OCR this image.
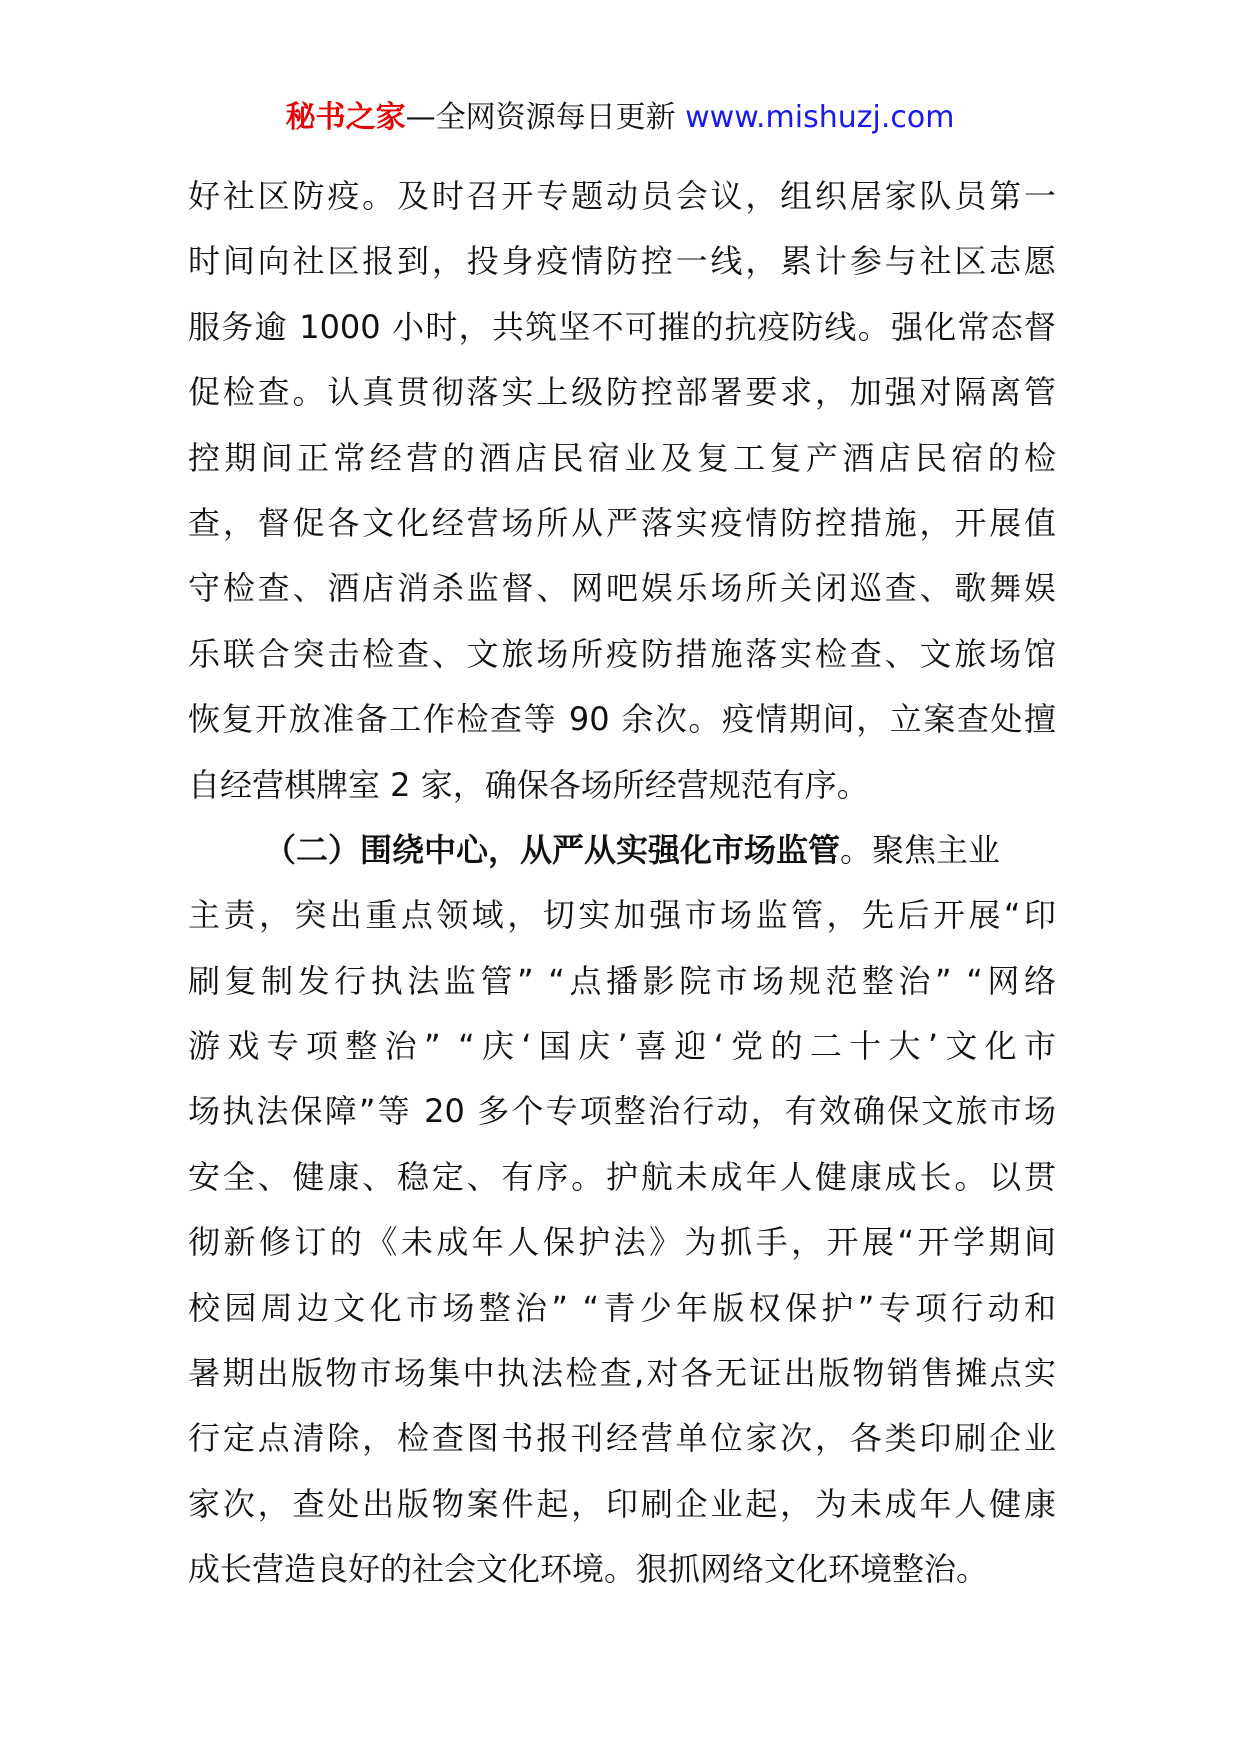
秘书之家—全网资源每日更新 www.mishuzj.com
好社区防疫。及时召开专题动员会议，组织居家队员第一
时间向社区报到，投身疫情防控一线，累计参与社区志愿
服务逾 1000 小时，共筑坚不可摧的抗疫防线。强化常态督
促检查。认真贯彻落实上级防控部署要求，加强对隔离管
控期间正常经营的酒店民宿业及复工复产酒店民宿的检
查，督促各文化经营场所从严落实疫情防控措施，开展值
守检查、酒店消杀监督、网吧娱乐场所关闭巡查、歌舞娱
乐联合突击检查、文旅场所疫防措施落实检查、文旅场馆
恢复开放准备工作检查等 90 余次。疫情期间，立案查处擅
自经营棋牌室 2 家，确保各场所经营规范有序。
（二）围绕中心，从严从实强化市场监管。聚焦主业
主责，突出重点领域，切实加强市场监管，先后开展“印
刷复制发行执法监管” “点播影院市场规范整治” “网络
游戏专项整治” “庆‘国庆’喜迎‘党的二十大’文化市
场执法保障”等 20 多个专项整治行动，有效确保文旅市场
安全、健康、稳定、有序。护航未成年人健康成长。以贯
彻新修订的《未成年人保护法》为抓手，开展“开学期间
校园周边文化市场整治” “青少年版权保护”专项行动和
暑期出版物市场集中执法检查,对各无证出版物销售摊点实
行定点清除，检查图书报刊经营单位家次，各类印刷企业
家次，查处出版物案件起，印刷企业起，为未成年人健康
成长营造良好的社会文化环境。狠抓网络文化环境整治。
